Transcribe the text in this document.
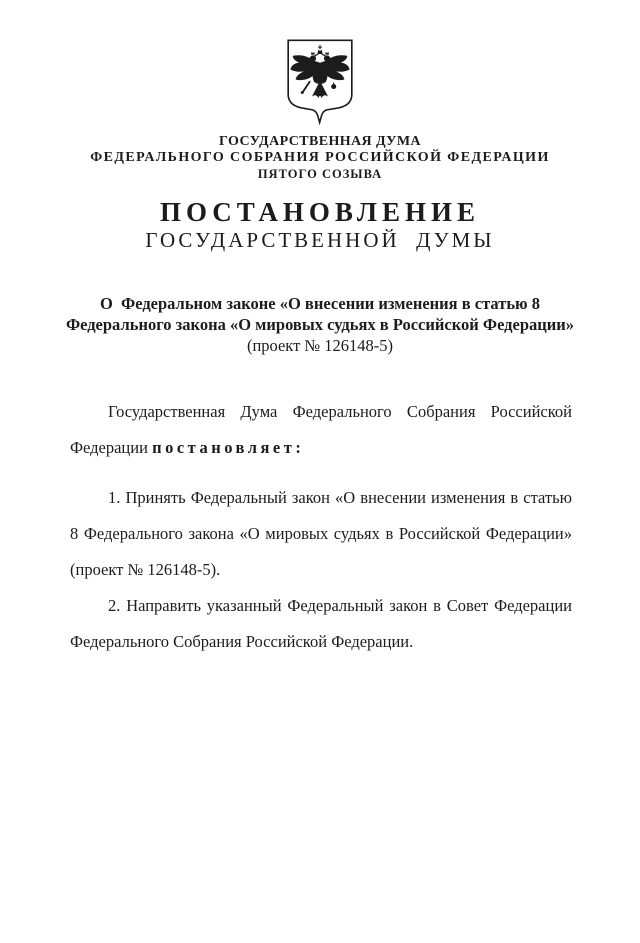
ГОСУДАРСТВЕННАЯ ДУМА
ФЕДЕРАЛЬНОГО СОБРАНИЯ РОССИЙСКОЙ ФЕДЕРАЦИИ
ПЯТОГО СОЗЫВА
ПОСТАНОВЛЕНИЕ
ГОСУДАРСТВЕННОЙ  ДУМЫ
О  Федеральном законе «О внесении изменения в статью 8
Федерального закона «О мировых судьях в Российской Федерации»
(проект № 126148-5)

Государственная Дума Федерального Собрания Российской Федерации постановляет:

1. Принять Федеральный закон «О внесении изменения в статью 8 Федерального закона «О мировых судьях в Российской Федерации» (проект № 126148-5).

2. Направить указанный Федеральный закон в Совет Федерации Федерального Собрания Российской Федерации.
